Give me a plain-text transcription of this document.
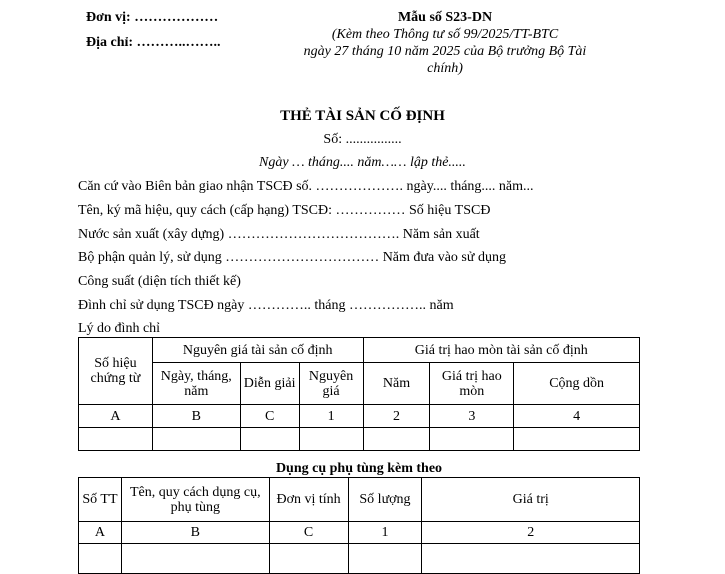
Đơn vị: ………………
Địa chỉ: ………..……..
Mẫu số S23-DN
(Kèm theo Thông tư số 99/2025/TT-BTC
ngày 27 tháng 10 năm 2025 của Bộ trưởng Bộ Tài
chính)
THẺ TÀI SẢN CỐ ĐỊNH
Số: ................
Ngày … tháng.... năm…… lập thẻ.....
Căn cứ vào Biên bản giao nhận TSCĐ số. ………………. ngày.... tháng.... năm...
Tên, ký mã hiệu, quy cách (cấp hạng) TSCĐ: …………… Số hiệu TSCĐ
Nước sản xuất (xây dựng) ………………………………. Năm sản xuất
Bộ phận quản lý, sử dụng …………………………… Năm đưa vào sử dụng
Công suất (diện tích thiết kế)
Đình chỉ sử dụng TSCĐ ngày ………….. tháng …………….. năm
Lý do đình chỉ
Số hiệu chứng từ	Nguyên giá tài sản cố định			Giá trị hao mòn tài sản cố định		
	Ngày, tháng, năm	Diễn giải	Nguyên giá	Năm	Giá trị hao mòn	Cộng dồn
A	B	C	1	2	3	4

Dụng cụ phụ tùng kèm theo
Số TT	Tên, quy cách dụng cụ, phụ tùng	Đơn vị tính	Số lượng	Giá trị
A	B	C	1	2
